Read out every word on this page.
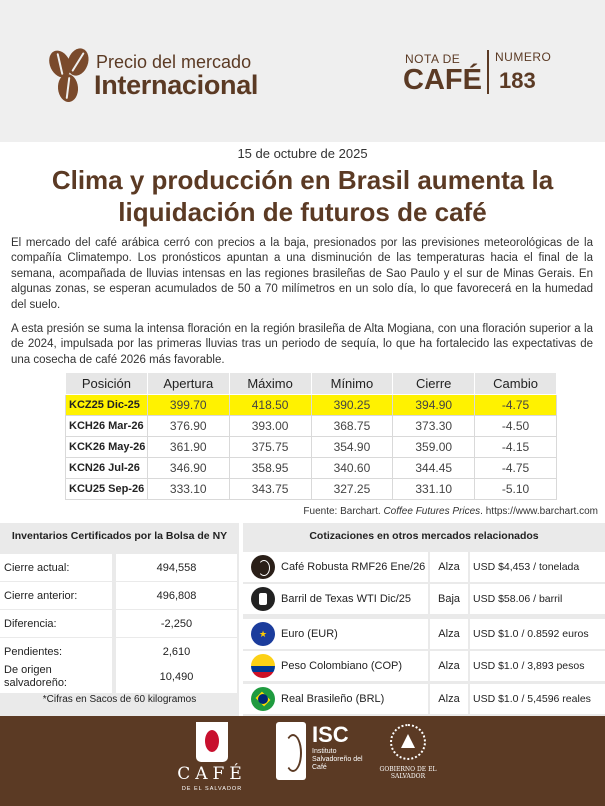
Precio del mercado
Internacional
NOTA DE
CAFÉ
NUMERO
183
15 de octubre de 2025
Clima y producción en Brasil aumenta la liquidación de futuros de café

El mercado del café arábica cerró con precios a la baja, presionados por las previsiones meteorológicas de la compañía Climatempo. Los pronósticos apuntan a una disminución de las temperaturas hacia el final de la semana, acompañada de lluvias intensas en las regiones brasileñas de Sao Paulo y el sur de Minas Gerais. En algunas zonas, se esperan acumulados de 50 a 70 milímetros en un solo día, lo que favorecerá en la humedad del suelo.

A esta presión se suma la intensa floración en la región brasileña de Alta Mogiana, con una floración superior a la de 2024, impulsada por las primeras lluvias tras un periodo de sequía, lo que ha fortalecido las expectativas de una cosecha de café 2026 más favorable.

Posición	Apertura	Máximo	Mínimo	Cierre	Cambio
KCZ25 Dic-25	399.70	418.50	390.25	394.90	-4.75
KCH26 Mar-26	376.90	393.00	368.75	373.30	-4.50
KCK26 May-26	361.90	375.75	354.90	359.00	-4.15
KCN26 Jul-26	346.90	358.95	340.60	344.45	-4.75
KCU25 Sep-26	333.10	343.75	327.25	331.10	-5.10
Fuente: Barchart. Coffee Futures Prices. https://www.barchart.com
Inventarios Certificados por la Bolsa de NY
Cierre actual:	494,558
Cierre anterior:	496,808
Diferencia:	-2,250
Pendientes:	2,610
De origen salvadoreño:	10,490
*Cifras en Sacos de 60 kilogramos
Cotizaciones en otros mercados relacionados
Café Robusta RMF26 Ene/26	Alza	USD $4,453 / tonelada
Barril de Texas WTI Dic/25	Baja	USD $58.06 / barril
★	Euro (EUR)	Alza	USD $1.0 / 0.8592 euros
Peso Colombiano (COP)	Alza	USD $1.0 / 3,893 pesos
Real Brasileño (BRL)	Alza	USD $1.0 / 5,4596 reales
CAFÉ
DE EL SALVADOR
ISC
Instituto Salvadoreño del Café	GOBIERNO DE EL SALVADOR
